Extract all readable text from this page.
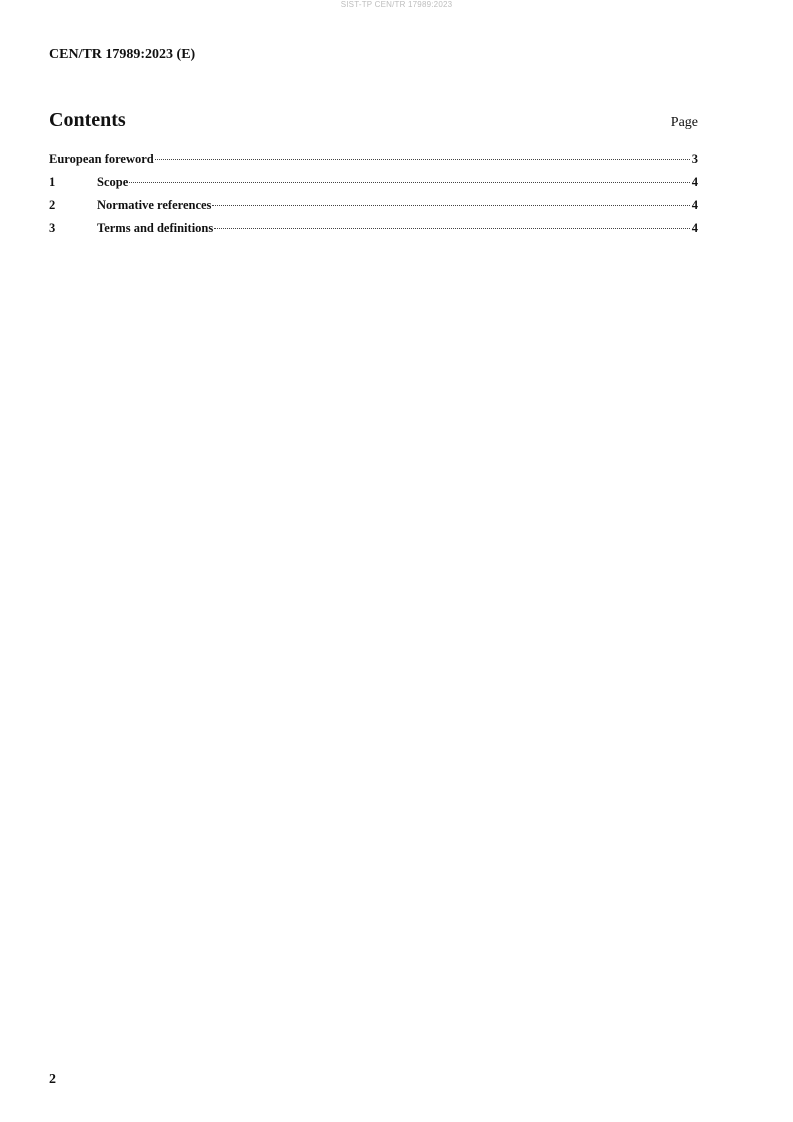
SIST-TP CEN/TR 17989:2023
CEN/TR 17989:2023 (E)
Contents	Page
European foreword	3
1	Scope	4
2	Normative references	4
3	Terms and definitions	4
2
